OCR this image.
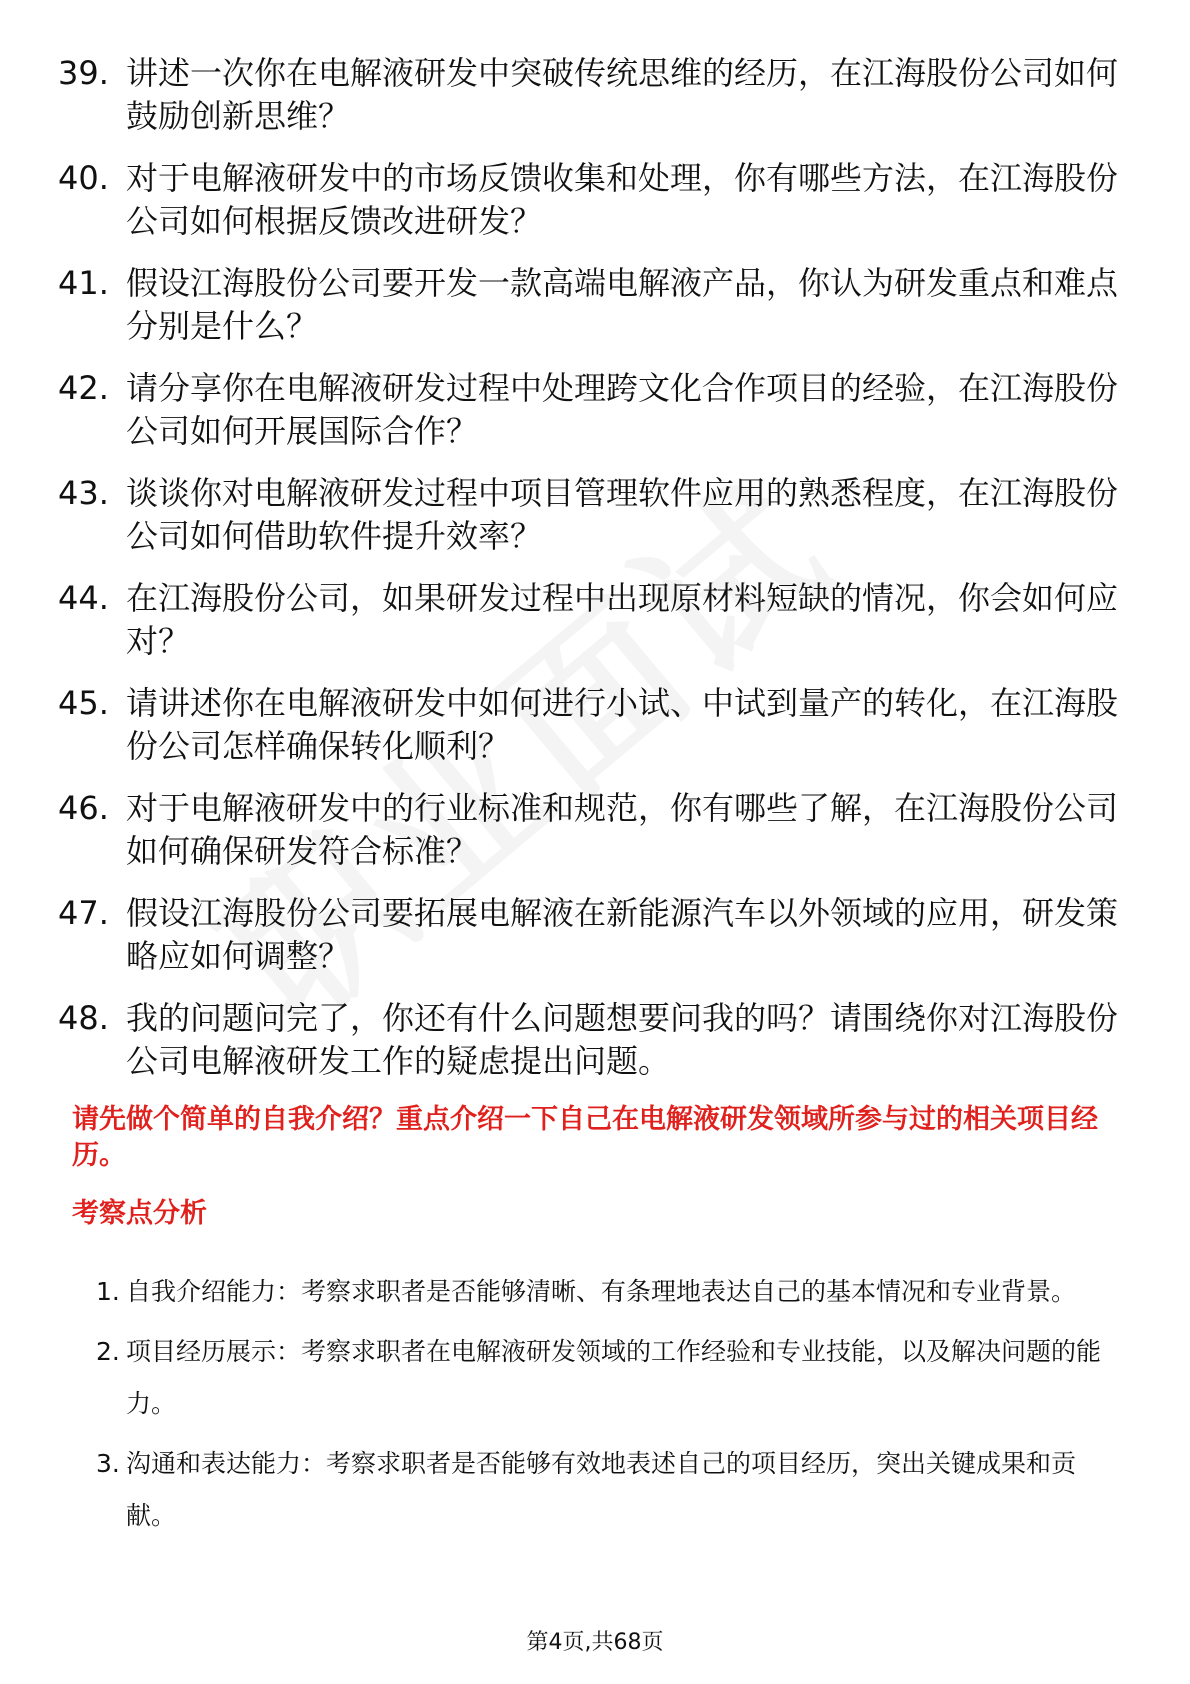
39. 讲述一次你在电解液研发中突破传统思维的经历，在江海股份公司如何鼓励创新思维？
40. 对于电解液研发中的市场反馈收集和处理，你有哪些方法，在江海股份公司如何根据反馈改进研发？
41. 假设江海股份公司要开发一款高端电解液产品，你认为研发重点和难点分别是什么？
42. 请分享你在电解液研发过程中处理跨文化合作项目的经验，在江海股份公司如何开展国际合作？
43. 谈谈你对电解液研发过程中项目管理软件应用的熟悉程度，在江海股份公司如何借助软件提升效率？
44. 在江海股份公司，如果研发过程中出现原材料短缺的情况，你会如何应对？
45. 请讲述你在电解液研发中如何进行小试、中试到量产的转化，在江海股份公司怎样确保转化顺利？
46. 对于电解液研发中的行业标准和规范，你有哪些了解，在江海股份公司如何确保研发符合标准？
47. 假设江海股份公司要拓展电解液在新能源汽车以外领域的应用，研发策略应如何调整？
48. 我的问题问完了，你还有什么问题想要问我的吗？请围绕你对江海股份公司电解液研发工作的疑虑提出问题。

请先做个简单的自我介绍？重点介绍一下自己在电解液研发领域所参与过的相关项目经历。

考察点分析

1. 自我介绍能力：考察求职者是否能够清晰、有条理地表达自己的基本情况和专业背景。
2. 项目经历展示：考察求职者在电解液研发领域的工作经验和专业技能，以及解决问题的能力。
3. 沟通和表达能力：考察求职者是否能够有效地表述自己的项目经历，突出关键成果和贡献。
第4页,共68页
